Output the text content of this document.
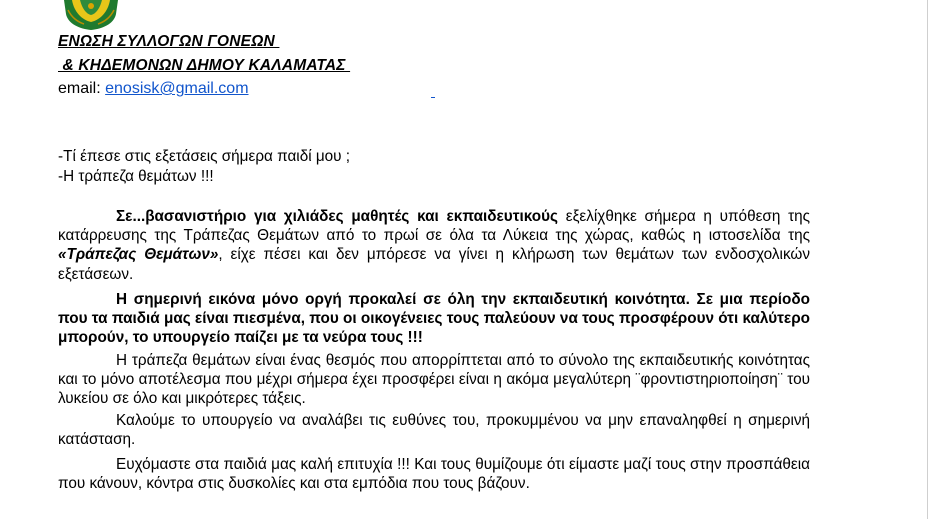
ΕΝΩΣΗ ΣΥΛΛΟΓΩΝ ΓΟΝΕΩΝ
& ΚΗΔΕΜΟΝΩΝ ΔΗΜΟΥ ΚΑΛΑΜΑΤΑΣ
email: enosisk@gmail.com
-Τί έπεσε στις εξετάσεις σήμερα παιδί μου ;
-Η τράπεζα θεμάτων !!!

Σε...βασανιστήριο για χιλιάδες μαθητές και εκπαιδευτικούς εξελίχθηκε σήμερα η υπόθεση της κατάρρευσης της Τράπεζας Θεμάτων από το πρωί σε όλα τα Λύκεια της χώρας, καθώς η ιστοσελίδα της «Τράπεζας Θεμάτων», είχε πέσει και δεν μπόρεσε να γίνει η κλήρωση των θεμάτων των ενδοσχολικών εξετάσεων.

Η σημερινή εικόνα μόνο οργή προκαλεί σε όλη την εκπαιδευτική κοινότητα. Σε μια περίοδο που τα παιδιά μας είναι πιεσμένα, που οι οικογένειες τους παλεύουν να τους προσφέρουν ότι καλύτερο μπορούν, το υπουργείο παίζει με τα νεύρα τους !!!

Η τράπεζα θεμάτων είναι ένας θεσμός που απορρίπτεται από το σύνολο της εκπαιδευτικής κοινότητας και το μόνο αποτέλεσμα που μέχρι σήμερα έχει προσφέρει είναι η ακόμα μεγαλύτερη ¨φροντιστηριοποίηση¨ του λυκείου σε όλο και μικρότερες τάξεις.

Καλούμε το υπουργείο να αναλάβει τις ευθύνες του, προκυμμένου να μην επαναληφθεί η σημερινή κατάσταση.

Ευχόμαστε στα παιδιά μας καλή επιτυχία !!! Και τους θυμίζουμε ότι είμαστε μαζί τους στην προσπάθεια που κάνουν, κόντρα στις δυσκολίες και στα εμπόδια που τους βάζουν.
